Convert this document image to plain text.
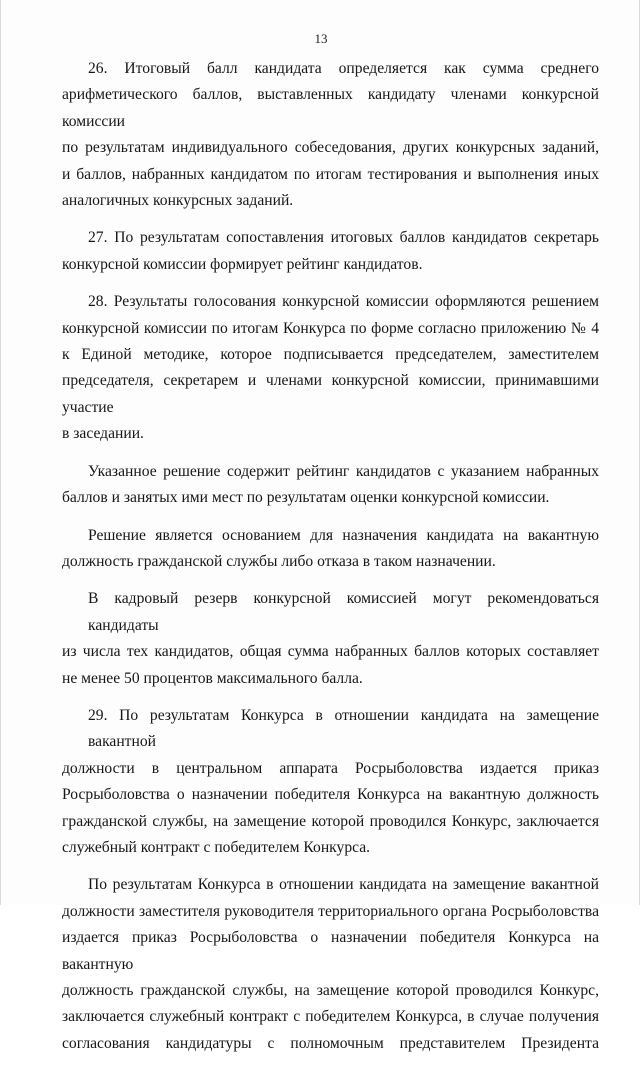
13

26. Итоговый балл кандидата определяется как сумма среднего
арифметического баллов, выставленных кандидату членами конкурсной комиссии
по результатам индивидуального собеседования, других конкурсных заданий,
и баллов, набранных кандидатом по итогам тестирования и выполнения иных
аналогичных конкурсных заданий.

27. По результатам сопоставления итоговых баллов кандидатов секретарь
конкурсной комиссии формирует рейтинг кандидатов.

28. Результаты голосования конкурсной комиссии оформляются решением
конкурсной комиссии по итогам Конкурса по форме согласно приложению № 4
к Единой методике, которое подписывается председателем, заместителем
председателя, секретарем и членами конкурсной комиссии, принимавшими участие
в заседании.

Указанное решение содержит рейтинг кандидатов с указанием набранных
баллов и занятых ими мест по результатам оценки конкурсной комиссии.

Решение является основанием для назначения кандидата на вакантную
должность гражданской службы либо отказа в таком назначении.

В кадровый резерв конкурсной комиссией могут рекомендоваться кандидаты
из числа тех кандидатов, общая сумма набранных баллов которых составляет
не менее 50 процентов максимального балла.

29. По результатам Конкурса в отношении кандидата на замещение вакантной
должности в центральном аппарата Росрыболовства издается приказ
Росрыболовства о назначении победителя Конкурса на вакантную должность
гражданской службы, на замещение которой проводился Конкурс, заключается
служебный контракт с победителем Конкурса.

По результатам Конкурса в отношении кандидата на замещение вакантной
должности заместителя руководителя территориального органа Росрыболовства
издается приказ Росрыболовства о назначении победителя Конкурса на вакантную
должность гражданской службы, на замещение которой проводился Конкурс,
заключается служебный контракт с победителем Конкурса, в случае получения
согласования кандидатуры с полномочным представителем Президента
